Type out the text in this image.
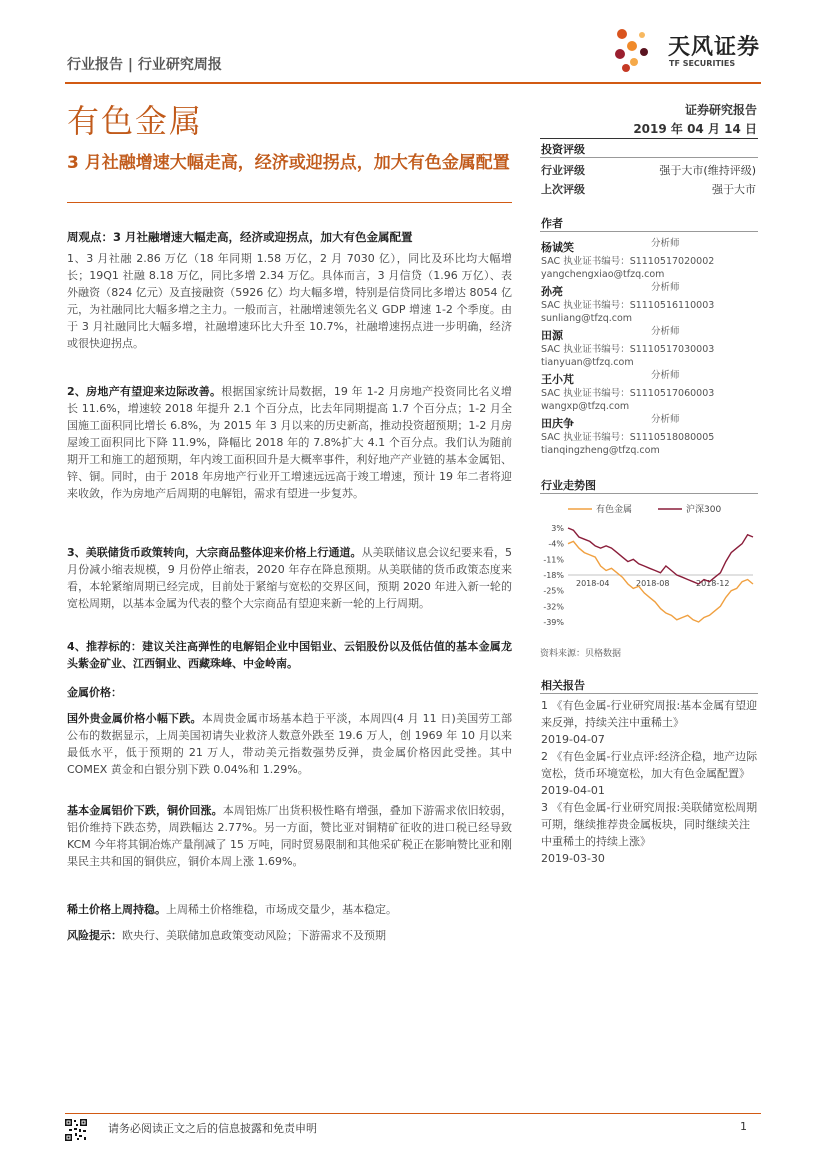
行业报告 | 行业研究周报
天风证券
TF SECURITIES
有色金属	证券研究报告
2019 年 04 月 14 日
3 月社融增速大幅走高，经济或迎拐点，加大有色金属配置
周观点：3 月社融增速大幅走高，经济或迎拐点，加大有色金属配置
1、3 月社融 2.86 万亿（18 年同期 1.58 万亿，2 月 7030 亿），同比及环比均大幅增长；19Q1 社融 8.18 万亿，同比多增 2.34 万亿。具体而言，3 月信贷（1.96 万亿）、表外融资（824 亿元）及直接融资（5926 亿）均大幅多增，特别是信贷同比多增达 8054 亿元，为社融同比大幅多增之主力。一般而言，社融增速领先名义 GDP 增速 1-2 个季度。由于 3 月社融同比大幅多增，社融增速环比大升至 10.7%，社融增速拐点进一步明确，经济或很快迎拐点。
2、房地产有望迎来边际改善。根据国家统计局数据，19 年 1-2 月房地产投资同比名义增长 11.6%，增速较 2018 年提升 2.1 个百分点，比去年同期提高 1.7 个百分点；1-2 月全国施工面积同比增长 6.8%，为 2015 年 3 月以来的历史新高，推动投资超预期；1-2 月房屋竣工面积同比下降 11.9%，降幅比 2018 年的 7.8%扩大 4.1 个百分点。我们认为随前期开工和施工的超预期，年内竣工面积回升是大概率事件，利好地产产业链的基本金属铝、锌、铜。同时，由于 2018 年房地产行业开工增速远远高于竣工增速，预计 19 年二者将迎来收敛，作为房地产后周期的电解铝，需求有望进一步复苏。
3、美联储货币政策转向，大宗商品整体迎来价格上行通道。从美联储议息会议纪要来看，5 月份减小缩表规模，9 月份停止缩表，2020 年存在降息预期。从美联储的货币政策态度来看，本轮紧缩周期已经完成，目前处于紧缩与宽松的交界区间，预期 2020 年进入新一轮的宽松周期，以基本金属为代表的整个大宗商品有望迎来新一轮的上行周期。
4、推荐标的：建议关注高弹性的电解铝企业中国铝业、云铝股份以及低估值的基本金属龙头紫金矿业、江西铜业、西藏珠峰、中金岭南。
金属价格：
国外贵金属价格小幅下跌。本周贵金属市场基本趋于平淡，本周四(4 月 11 日)美国劳工部公布的数据显示，上周美国初请失业救济人数意外跌至 19.6 万人，创 1969 年 10 月以来最低水平，低于预期的 21 万人，带动美元指数强势反弹，贵金属价格因此受挫。其中 COMEX 黄金和白银分别下跌 0.04%和 1.29%。
基本金属铝价下跌，铜价回涨。本周铝炼厂出货积极性略有增强，叠加下游需求依旧较弱，铝价维持下跌态势，周跌幅达 2.77%。另一方面，赞比亚对铜精矿征收的进口税已经导致 KCM 今年将其铜冶炼产量削减了 15 万吨，同时贸易限制和其他采矿税正在影响赞比亚和刚果民主共和国的铜供应，铜价本周上涨 1.69%。
稀土价格上周持稳。上周稀土价格维稳，市场成交量少，基本稳定。
风险提示：欧央行、美联储加息政策变动风险；下游需求不及预期
投资评级
行业评级	强于大市(维持评级)
上次评级	强于大市
作者
杨诚笑	分析师
SAC 执业证书编号：S1110517020002
yangchengxiao@tfzq.com
孙亮	分析师
SAC 执业证书编号：S1110516110003
sunliang@tfzq.com
田源	分析师
SAC 执业证书编号：S1110517030003
tianyuan@tfzq.com
王小芃	分析师
SAC 执业证书编号：S1110517060003
wangxp@tfzq.com
田庆争	分析师
SAC 执业证书编号：S1110518080005
tianqingzheng@tfzq.com
行业走势图
有色金属	沪深300
3%
-4%
-11%
-18%
-25%
-32%
-39%
2018-04	2018-08	2018-12
资料来源：贝格数据
相关报告
1 《有色金属-行业研究周报:基本金属有望迎来反弹，持续关注中重稀土》
2019-04-07
2 《有色金属-行业点评:经济企稳，地产边际宽松，货币环境宽松，加大有色金属配置》
2019-04-01
3 《有色金属-行业研究周报:美联储宽松周期可期，继续推荐贵金属板块，同时继续关注中重稀土的持续上涨》
2019-03-30
请务必阅读正文之后的信息披露和免责申明	1
